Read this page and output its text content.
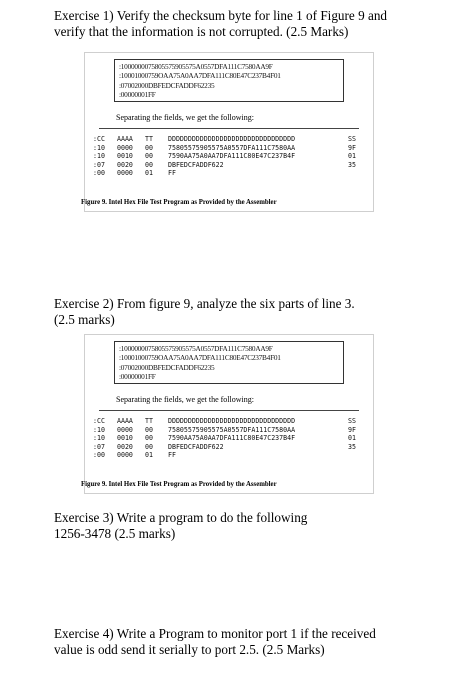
Exercise 1) Verify the checksum byte for line 1 of Figure 9 and

verify that the information is not corrupted. (2.5 Marks)

:1000000075805575905575A0557DFA111C7580AA9F
:10001000759OAA75A0AA7DFA111C80E47C237B4F01
:07002000DBFEDCFADDF62235
:00000001FF
Separating the fields, we get the following:
:CC AAAA TT DDDDDDDDDDDDDDDDDDDDDDDDDDDDDDDD	SS
:10 0000 00 75805575905575A0557DFA111C7580AA	9F
:10 0010 00 7590AA75A0AA7DFA111C80E47C237B4F	01
:07 0020 00 DBFEDCFADDF622	35
:00 0000 01 FF
Figure 9. Intel Hex File Test Program as Provided by the Assembler

Exercise 2) From figure 9, analyze the six parts of line 3.

(2.5 marks)

:1000000075805575905575A0557DFA111C7580AA9F
:10001000759OAA75A0AA7DFA111C80E47C237B4F01
:07002000DBFEDCFADDF62235
:00000001FF
Separating the fields, we get the following:
:CC AAAA TT DDDDDDDDDDDDDDDDDDDDDDDDDDDDDDDD	SS
:10 0000 00 75805575905575A0557DFA111C7580AA	9F
:10 0010 00 7590AA75A0AA7DFA111C80E47C237B4F	01
:07 0020 00 DBFEDCFADDF622	35
:00 0000 01 FF
Figure 9. Intel Hex File Test Program as Provided by the Assembler

Exercise 3) Write a program to do the following

1256-3478 (2.5 marks)

Exercise 4) Write a Program to monitor port 1 if the received

value is odd send it serially to port 2.5. (2.5 Marks)
